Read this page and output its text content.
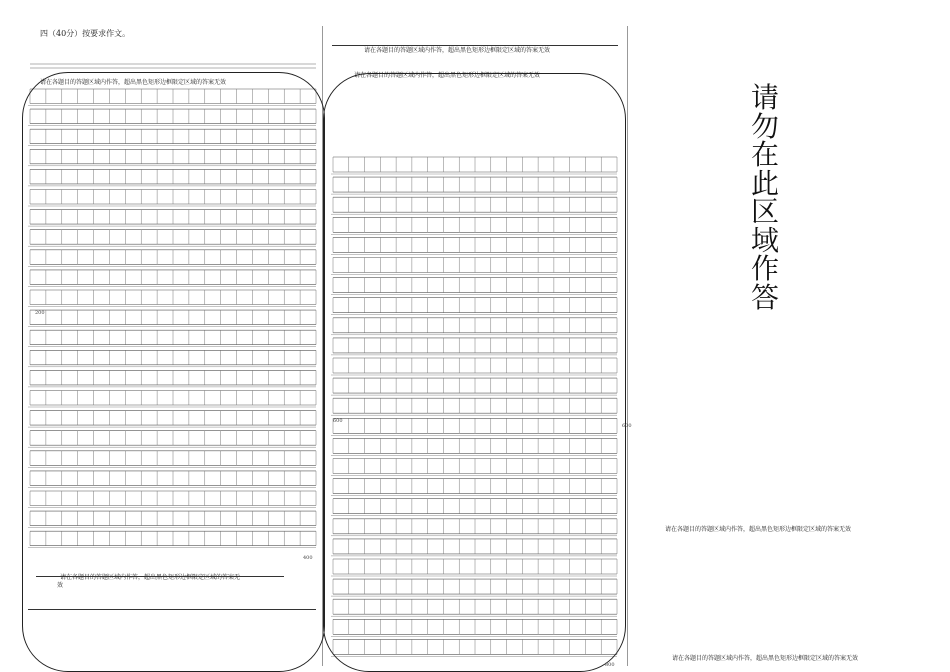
四（40分）按要求作文。
请在各题目的答题区域内作答，超出黑色矩形边框限定区域的答案无效
200
400
请在各题目的答题区域内作答，超出黑色矩形边框限定区域的答案无
效
请在各题目的答题区域内作答，超出黑色矩形边框限定区域的答案无效
请在各题目的答题区域内作答，超出黑色矩形边框限定区域的答案无效
600
800
600
请
勿
在
此
区
域
作
答
请在各题目的答题区域内作答，超出黑色矩形边框限定区域的答案无效
请在各题目的答题区域内作答，超出黑色矩形边框限定区域的答案无效
